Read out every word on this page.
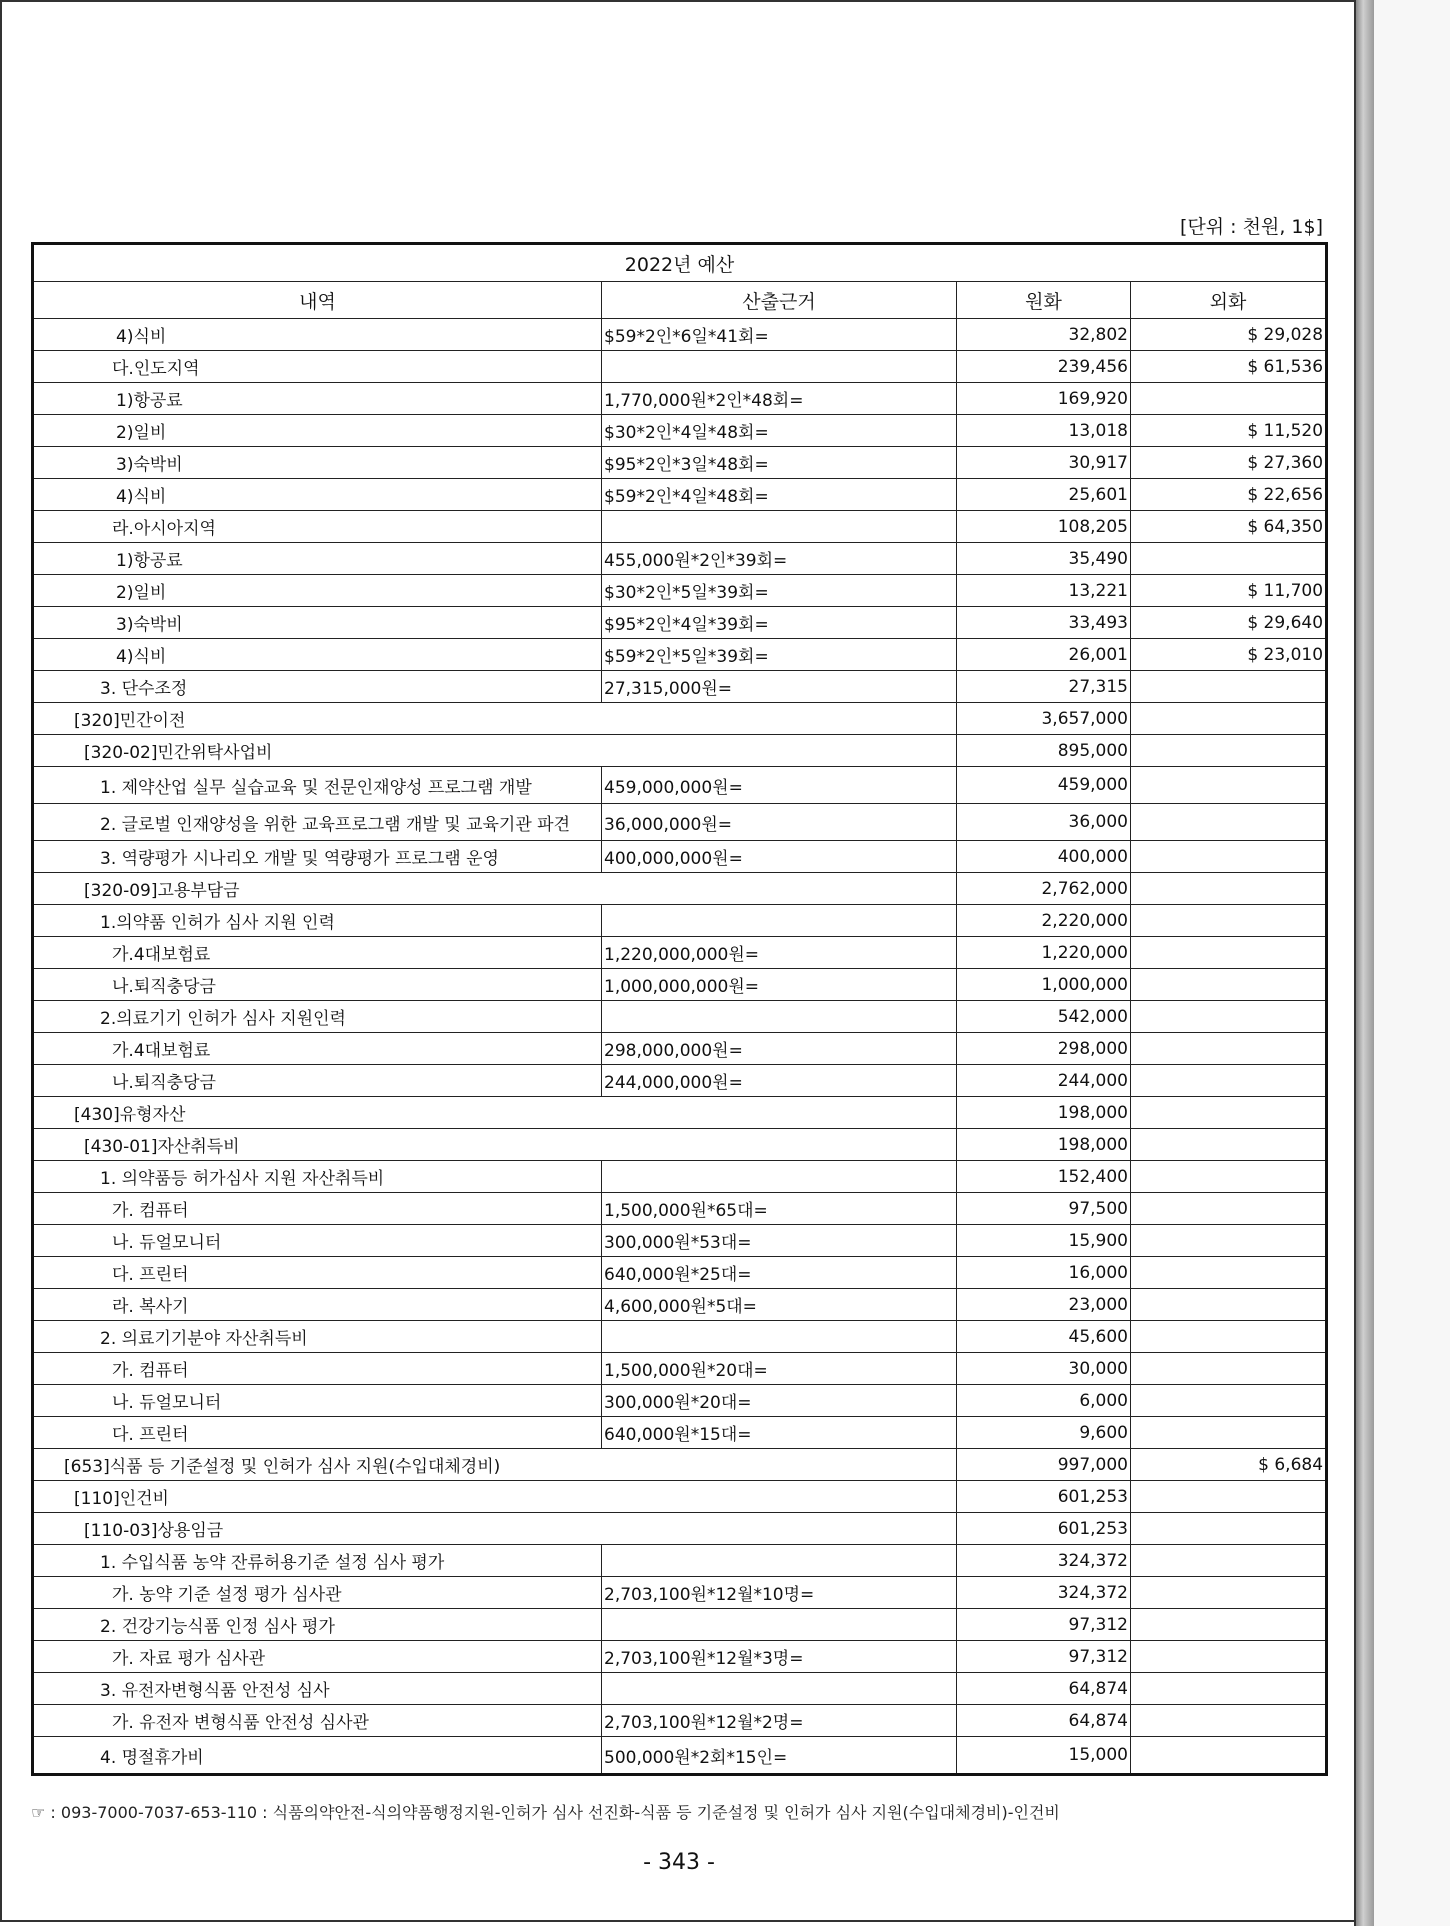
[단위 : 천원, 1$]
2022년 예산			
내역	산출근거	원화	외화
4)식비	$59*2인*6일*41회=	32,802	$ 29,028
다.인도지역		239,456	$ 61,536
1)항공료	1,770,000원*2인*48회=	169,920	
2)일비	$30*2인*4일*48회=	13,018	$ 11,520
3)숙박비	$95*2인*3일*48회=	30,917	$ 27,360
4)식비	$59*2인*4일*48회=	25,601	$ 22,656
라.아시아지역		108,205	$ 64,350
1)항공료	455,000원*2인*39회=	35,490	
2)일비	$30*2인*5일*39회=	13,221	$ 11,700
3)숙박비	$95*2인*4일*39회=	33,493	$ 29,640
4)식비	$59*2인*5일*39회=	26,001	$ 23,010
3. 단수조정	27,315,000원=	27,315	
[320]민간이전		3,657,000	
[320-02]민간위탁사업비		895,000	
1. 제약산업 실무 실습교육 및 전문인재양성 프로그램 개발	459,000,000원=	459,000	
2. 글로벌 인재양성을 위한 교육프로그램 개발 및 교육기관 파견	36,000,000원=	36,000	
3. 역량평가 시나리오 개발 및 역량평가 프로그램 운영	400,000,000원=	400,000	
[320-09]고용부담금		2,762,000	
1.의약품 인허가 심사 지원 인력		2,220,000	
가.4대보험료	1,220,000,000원=	1,220,000	
나.퇴직충당금	1,000,000,000원=	1,000,000	
2.의료기기 인허가 심사 지원인력		542,000	
가.4대보험료	298,000,000원=	298,000	
나.퇴직충당금	244,000,000원=	244,000	
[430]유형자산		198,000	
[430-01]자산취득비		198,000	
1. 의약품등 허가심사 지원 자산취득비		152,400	
가. 컴퓨터	1,500,000원*65대=	97,500	
나. 듀얼모니터	300,000원*53대=	15,900	
다. 프린터	640,000원*25대=	16,000	
라. 복사기	4,600,000원*5대=	23,000	
2. 의료기기분야 자산취득비		45,600	
가. 컴퓨터	1,500,000원*20대=	30,000	
나. 듀얼모니터	300,000원*20대=	6,000	
다. 프린터	640,000원*15대=	9,600	
[653]식품 등 기준설정 및 인허가 심사 지원(수입대체경비)		997,000	$ 6,684
[110]인건비		601,253	
[110-03]상용임금		601,253	
1. 수입식품 농약 잔류허용기준 설정 심사 평가		324,372	
가. 농약 기준 설정 평가 심사관	2,703,100원*12월*10명=	324,372	
2. 건강기능식품 인정 심사 평가		97,312	
가. 자료 평가 심사관	2,703,100원*12월*3명=	97,312	
3. 유전자변형식품 안전성 심사		64,874	
가. 유전자 변형식품 안전성 심사관	2,703,100원*12월*2명=	64,874	
4. 명절휴가비	500,000원*2회*15인=	15,000	
☞ : 093-7000-7037-653-110 : 식품의약안전-식의약품행정지원-인허가 심사 선진화-식품 등 기준설정 및 인허가 심사 지원(수입대체경비)-인건비
- 343 -
